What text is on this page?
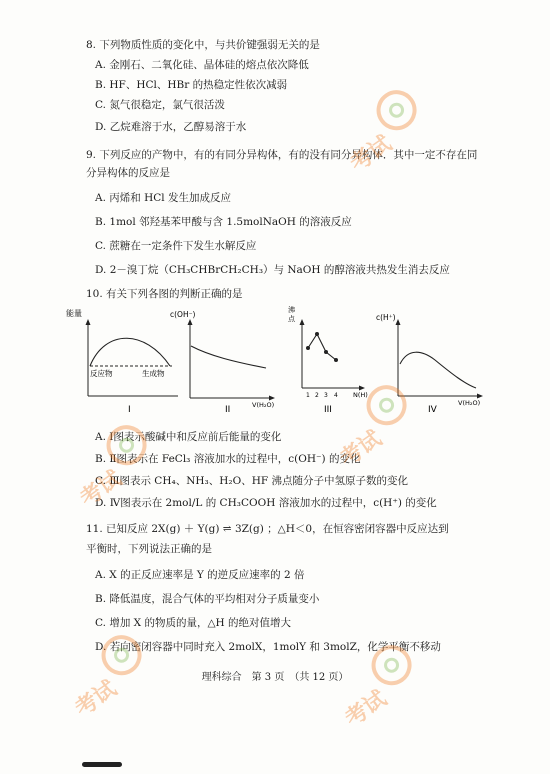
8. 下列物质性质的变化中，与共价键强弱无关的是
A. 金刚石、二氧化硅、晶体硅的熔点依次降低
B. HF、HCl、HBr 的热稳定性依次减弱
C. 氮气很稳定，氯气很活泼
D. 乙烷难溶于水，乙醇易溶于水
9. 下列反应的产物中，有的有同分异构体，有的没有同分异构体．其中一定不存在同
分异构体的反应是
A. 丙烯和 HCl 发生加成反应
B. 1mol 邻羟基苯甲酸与含 1.5molNaOH 的溶液反应
C. 蔗糖在一定条件下发生水解反应
D. 2－溴丁烷（CH₃CHBrCH₂CH₃）与 NaOH 的醇溶液共热发生消去反应
10. 有关下列各图的判断正确的是
能量
反应物	生成物
I
c(OH⁻)
V(H₂O)
II
沸
点
1 2 3 4 N(H)
III
c(H⁺)
V(H₂O)
IV
A. Ⅰ图表示酸碱中和反应前后能量的变化
B. Ⅱ图表示在 FeCl₃ 溶液加水的过程中，c(OH⁻) 的变化
C. Ⅲ图表示 CH₄、NH₃、H₂O、HF 沸点随分子中氢原子数的变化
D. Ⅳ图表示在 2mol/L 的 CH₃COOH 溶液加水的过程中，c(H⁺) 的变化
11. 已知反应 2X(g) ＋ Y(g) ⇌ 3Z(g) ；△H＜0，在恒容密闭容器中反应达到
平衡时，下列说法正确的是
A. X 的正反应速率是 Y 的逆反应速率的 2 倍
B. 降低温度，混合气体的平均相对分子质量变小
C. 增加 X 的物质的量，△H 的绝对值增大
D. 若向密闭容器中同时充入 2molX，1molY 和 3molZ，化学平衡不移动
理科综合　第 3 页　（共 12 页）
考试
考试
考试
考试	考试
